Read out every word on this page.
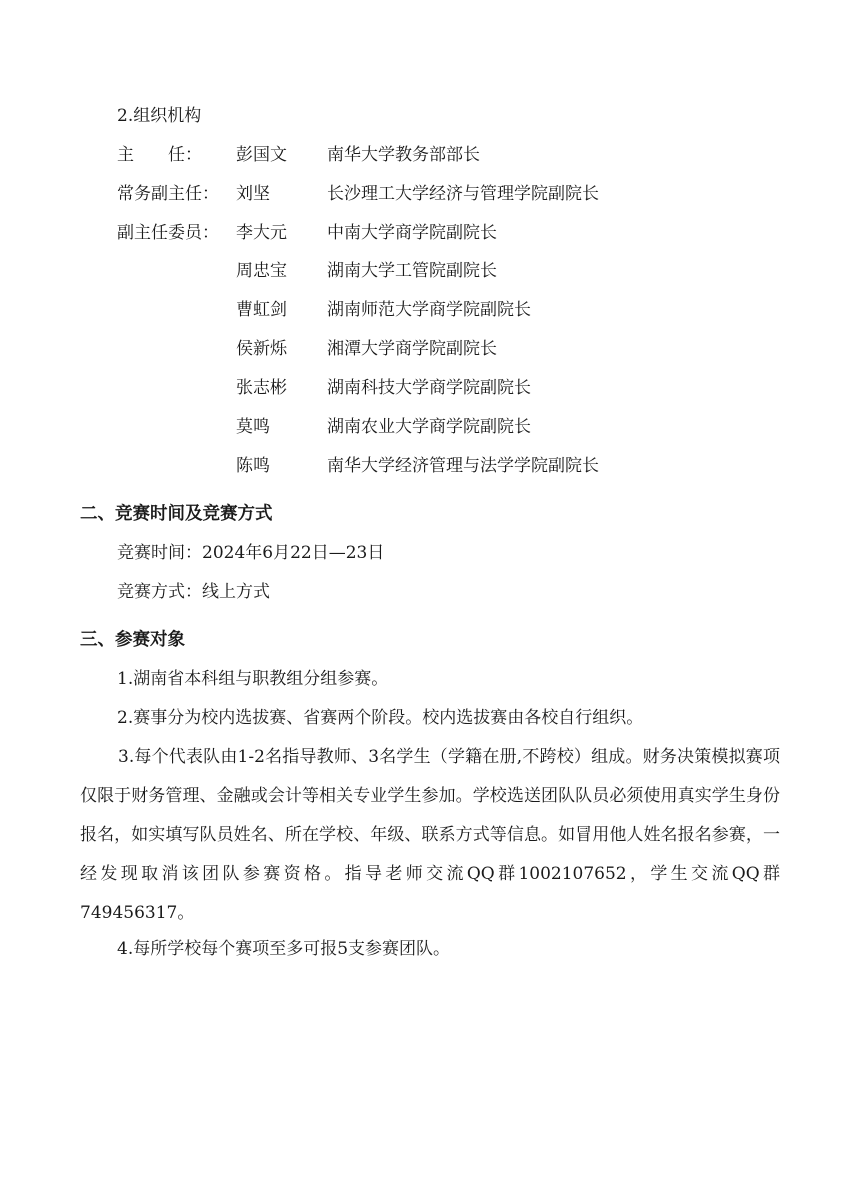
2.组织机构
主　　任： 彭国文 南华大学教务部部长
常务副主任： 刘坚	长沙理工大学经济与管理学院副院长
副主任委员： 李大元 中南大学商学院副院长
周忠宝 湖南大学工管院副院长
曹虹剑 湖南师范大学商学院副院长
侯新烁 湘潭大学商学院副院长
张志彬 湖南科技大学商学院副院长
莫鸣	湖南农业大学商学院副院长
陈鸣	南华大学经济管理与法学学院副院长
二、竞赛时间及竞赛方式
竞赛时间：2024年6月22日—23日
竞赛方式：线上方式
三、参赛对象
1.湖南省本科组与职教组分组参赛。
2.赛事分为校内选拔赛、省赛两个阶段。校内选拔赛由各校自行组织。
3.每个代表队由1-2名指导教师、3名学生（学籍在册,不跨校）组成。财务决策模拟赛项仅限于财务管理、金融或会计等相关专业学生参加。学校选送团队队员必须使用真实学生身份报名，如实填写队员姓名、所在学校、年级、联系方式等信息。如冒用他人姓名报名参赛，一经发现取消该团队参赛资格。指导老师交流QQ群1002107652，学生交流QQ群749456317。
4.每所学校每个赛项至多可报5支参赛团队。
